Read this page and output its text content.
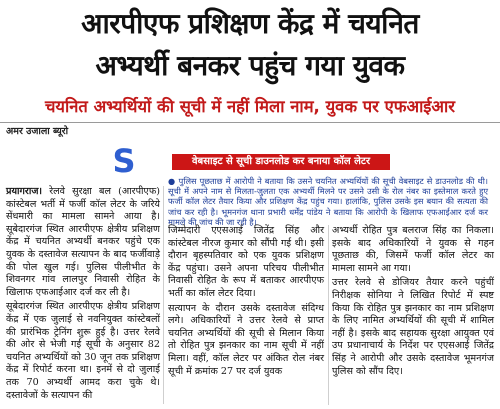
आरपीएफ प्रशिक्षण केंद्र में चयनित
अभ्यर्थी बनकर पहुंच गया युवक
चयनित अभ्यर्थियों की सूची में नहीं मिला नाम, युवक पर एफआईआर
अमर उजाला ब्यूरो
S	वेबसाइट से सूची डाउनलोड कर बनाया कॉल लेटर
● पुलिस पूछताछ में आरोपी ने बताया कि उसने चयनित अभ्यर्थियों की सूची वेबसाइट से डाउनलोड की थी। सूची में अपने नाम से मिलता-जुलता एक अभ्यर्थी मिलने पर उसने उसी के रोल नंबर का इस्तेमाल करते हुए फर्जी कॉल लेटर तैयार किया और प्रशिक्षण केंद्र पहुंच गया। हालांकि, पुलिस उसके इस बयान की सत्यता की जांच कर रही है। भूमनगंज थाना प्रभारी धर्मेंद्र पांडेय ने बताया कि आरोपी के खिलाफ एफआईआर दर्ज कर मामले की जांच की जा रही है।

प्रयागराज। रेलवे सुरक्षा बल (आरपीएफ) कांस्टेबल भर्ती में फर्जी कॉल लेटर के जरिये सेंधमारी का मामला सामने आया है। सूबेदारगंज स्थित आरपीएफ क्षेत्रीय प्रशिक्षण केंद्र में चयनित अभ्यर्थी बनकर पहुंचे एक युवक के दस्तावेज सत्यापन के बाद फर्जीवाड़े की पोल खुल गई। पुलिस पीलीभीत के शिवनगर गांव लालपुर निवासी रोहित के खिलाफ एफआईआर दर्ज कर ली है।

सूबेदारगंज स्थित आरपीएफ क्षेत्रीय प्रशिक्षण केंद्र में एक जुलाई से नवनियुक्त कांस्टेबलों की प्रारंभिक ट्रेनिंग शुरू हुई है। उत्तर रेलवे की ओर से भेजी गई सूची के अनुसार 82 चयनित अभ्यर्थियों को 30 जून तक प्रशिक्षण केंद्र में रिपोर्ट करना था। इनमें से दो जुलाई तक 70 अभ्यर्थी आमद करा चुके थे। दस्तावेजों के सत्यापन की

जिम्मेदारी एएसआई जितेंद्र सिंह और कांस्टेबल नीरज कुमार को सौंपी गई थी। इसी दौरान बृहस्पतिवार को एक युवक प्रशिक्षण केंद्र पहुंचा। उसने अपना परिचय पीलीभीत निवासी रोहित के रूप में बताकर आरपीएफ भर्ती का कॉल लेटर दिया।

सत्यापन के दौरान उसके दस्तावेज संदिग्ध लगे। अधिकारियों ने उत्तर रेलवे से प्राप्त चयनित अभ्यर्थियों की सूची से मिलान किया तो रोहित पुत्र झनकार का नाम सूची में नहीं मिला। वहीं, कॉल लेटर पर अंकित रोल नंबर सूची में क्रमांक 27 पर दर्ज युवक

अभ्यर्थी रोहित पुत्र बलराज सिंह का निकला। इसके बाद अधिकारियों ने युवक से गहन पूछताछ की, जिसमें फर्जी कॉल लेटर का मामला सामने आ गया।

उत्तर रेलवे से डोजियर तैयार करने पहुंचीं निरीक्षक सोनिया ने लिखित रिपोर्ट में स्पष्ट किया कि रोहित पुत्र झनकार का नाम प्रशिक्षण के लिए नामित अभ्यर्थियों की सूची में शामिल नहीं है। इसके बाद सहायक सुरक्षा आयुक्त एवं उप प्रधानाचार्य के निर्देश पर एएसआई जितेंद्र सिंह ने आरोपी और उसके दस्तावेज भूमनगंज पुलिस को सौंप दिए।
